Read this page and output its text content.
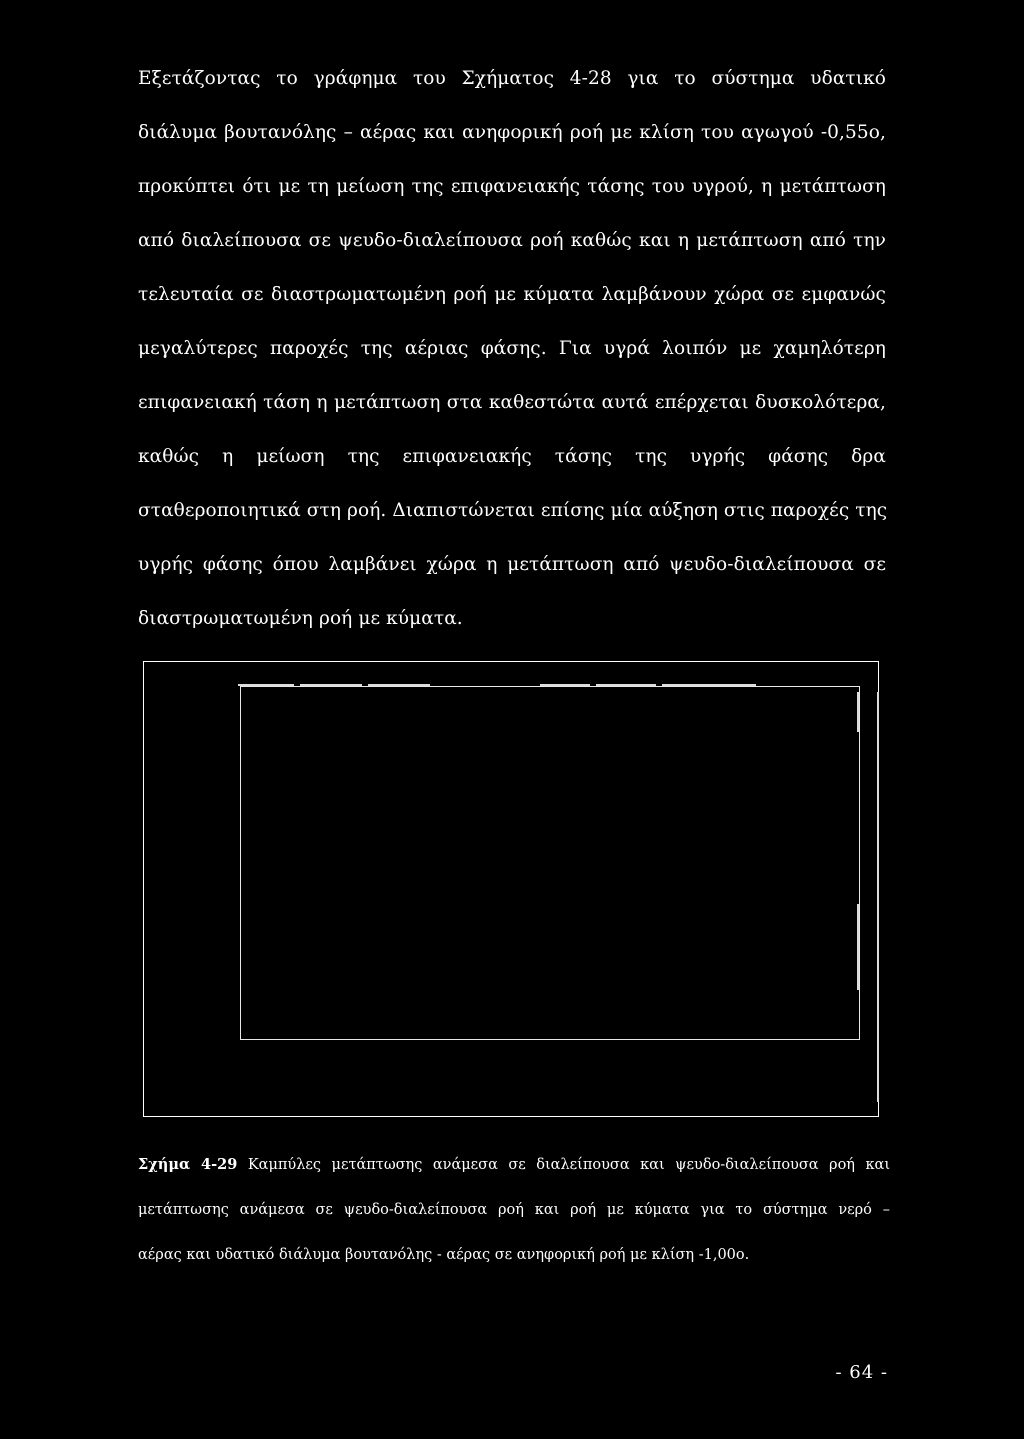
Εξετάζοντας το γράφημα του Σχήματος 4-28 για το σύστημα υδατικό
διάλυμα βουτανόλης – αέρας και ανηφορική ροή με κλίση του αγωγού -0,55ο,
προκύπτει ότι με τη μείωση της επιφανειακής τάσης του υγρού, η μετάπτωση
από διαλείπουσα σε ψευδο-διαλείπουσα ροή καθώς και η μετάπτωση από την
τελευταία σε διαστρωματωμένη ροή με κύματα λαμβάνουν χώρα σε εμφανώς
μεγαλύτερες παροχές της αέριας φάσης. Για υγρά λοιπόν με χαμηλότερη
επιφανειακή τάση η μετάπτωση στα καθεστώτα αυτά επέρχεται δυσκολότερα,
καθώς η μείωση της επιφανειακής τάσης της υγρής φάσης δρα
σταθεροποιητικά στη ροή. Διαπιστώνεται επίσης μία αύξηση στις παροχές της
υγρής φάσης όπου λαμβάνει χώρα η μετάπτωση από ψευδο-διαλείπουσα σε
διαστρωματωμένη ροή με κύματα.
Σχήμα 4-29 Καμπύλες μετάπτωσης ανάμεσα σε διαλείπουσα και ψευδο-διαλείπουσα ροή και
μετάπτωσης ανάμεσα σε ψευδο-διαλείπουσα ροή και ροή με κύματα για το σύστημα νερό –
αέρας και υδατικό διάλυμα βουτανόλης - αέρας σε ανηφορική ροή με κλίση -1,00ο.
- 64 -
